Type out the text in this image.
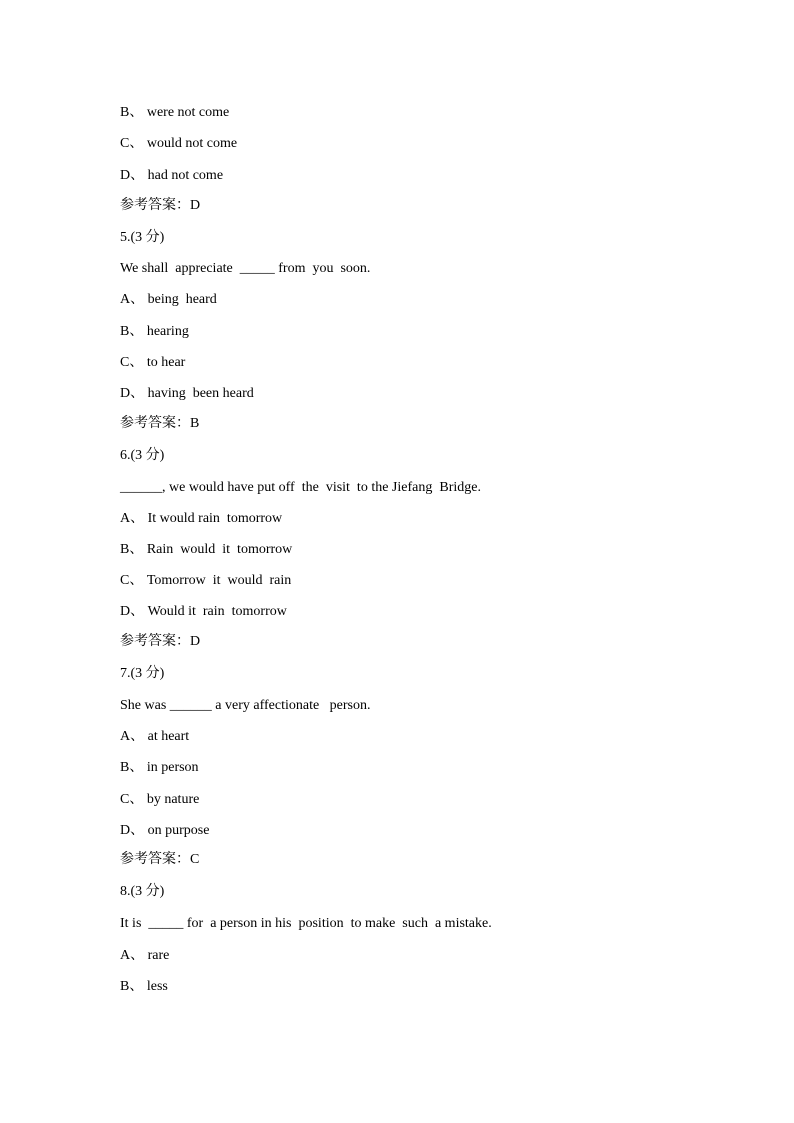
B、 were not come
C、 would not come
D、 had not come
参考答案：D
5.(3 分)
We shall  appreciate  _____ from  you  soon.
A、 being  heard
B、 hearing
C、 to hear
D、 having  been heard
参考答案：B
6.(3 分)
______, we would have put off  the  visit  to the Jiefang  Bridge.
A、 It would rain  tomorrow
B、 Rain  would  it  tomorrow
C、 Tomorrow  it  would  rain
D、 Would it  rain  tomorrow
参考答案：D
7.(3 分)
She was ______ a very affectionate   person.
A、 at heart
B、 in person
C、 by nature
D、 on purpose
参考答案：C
8.(3 分)
It is  _____ for  a person in his  position  to make  such  a mistake.
A、 rare
B、 less
